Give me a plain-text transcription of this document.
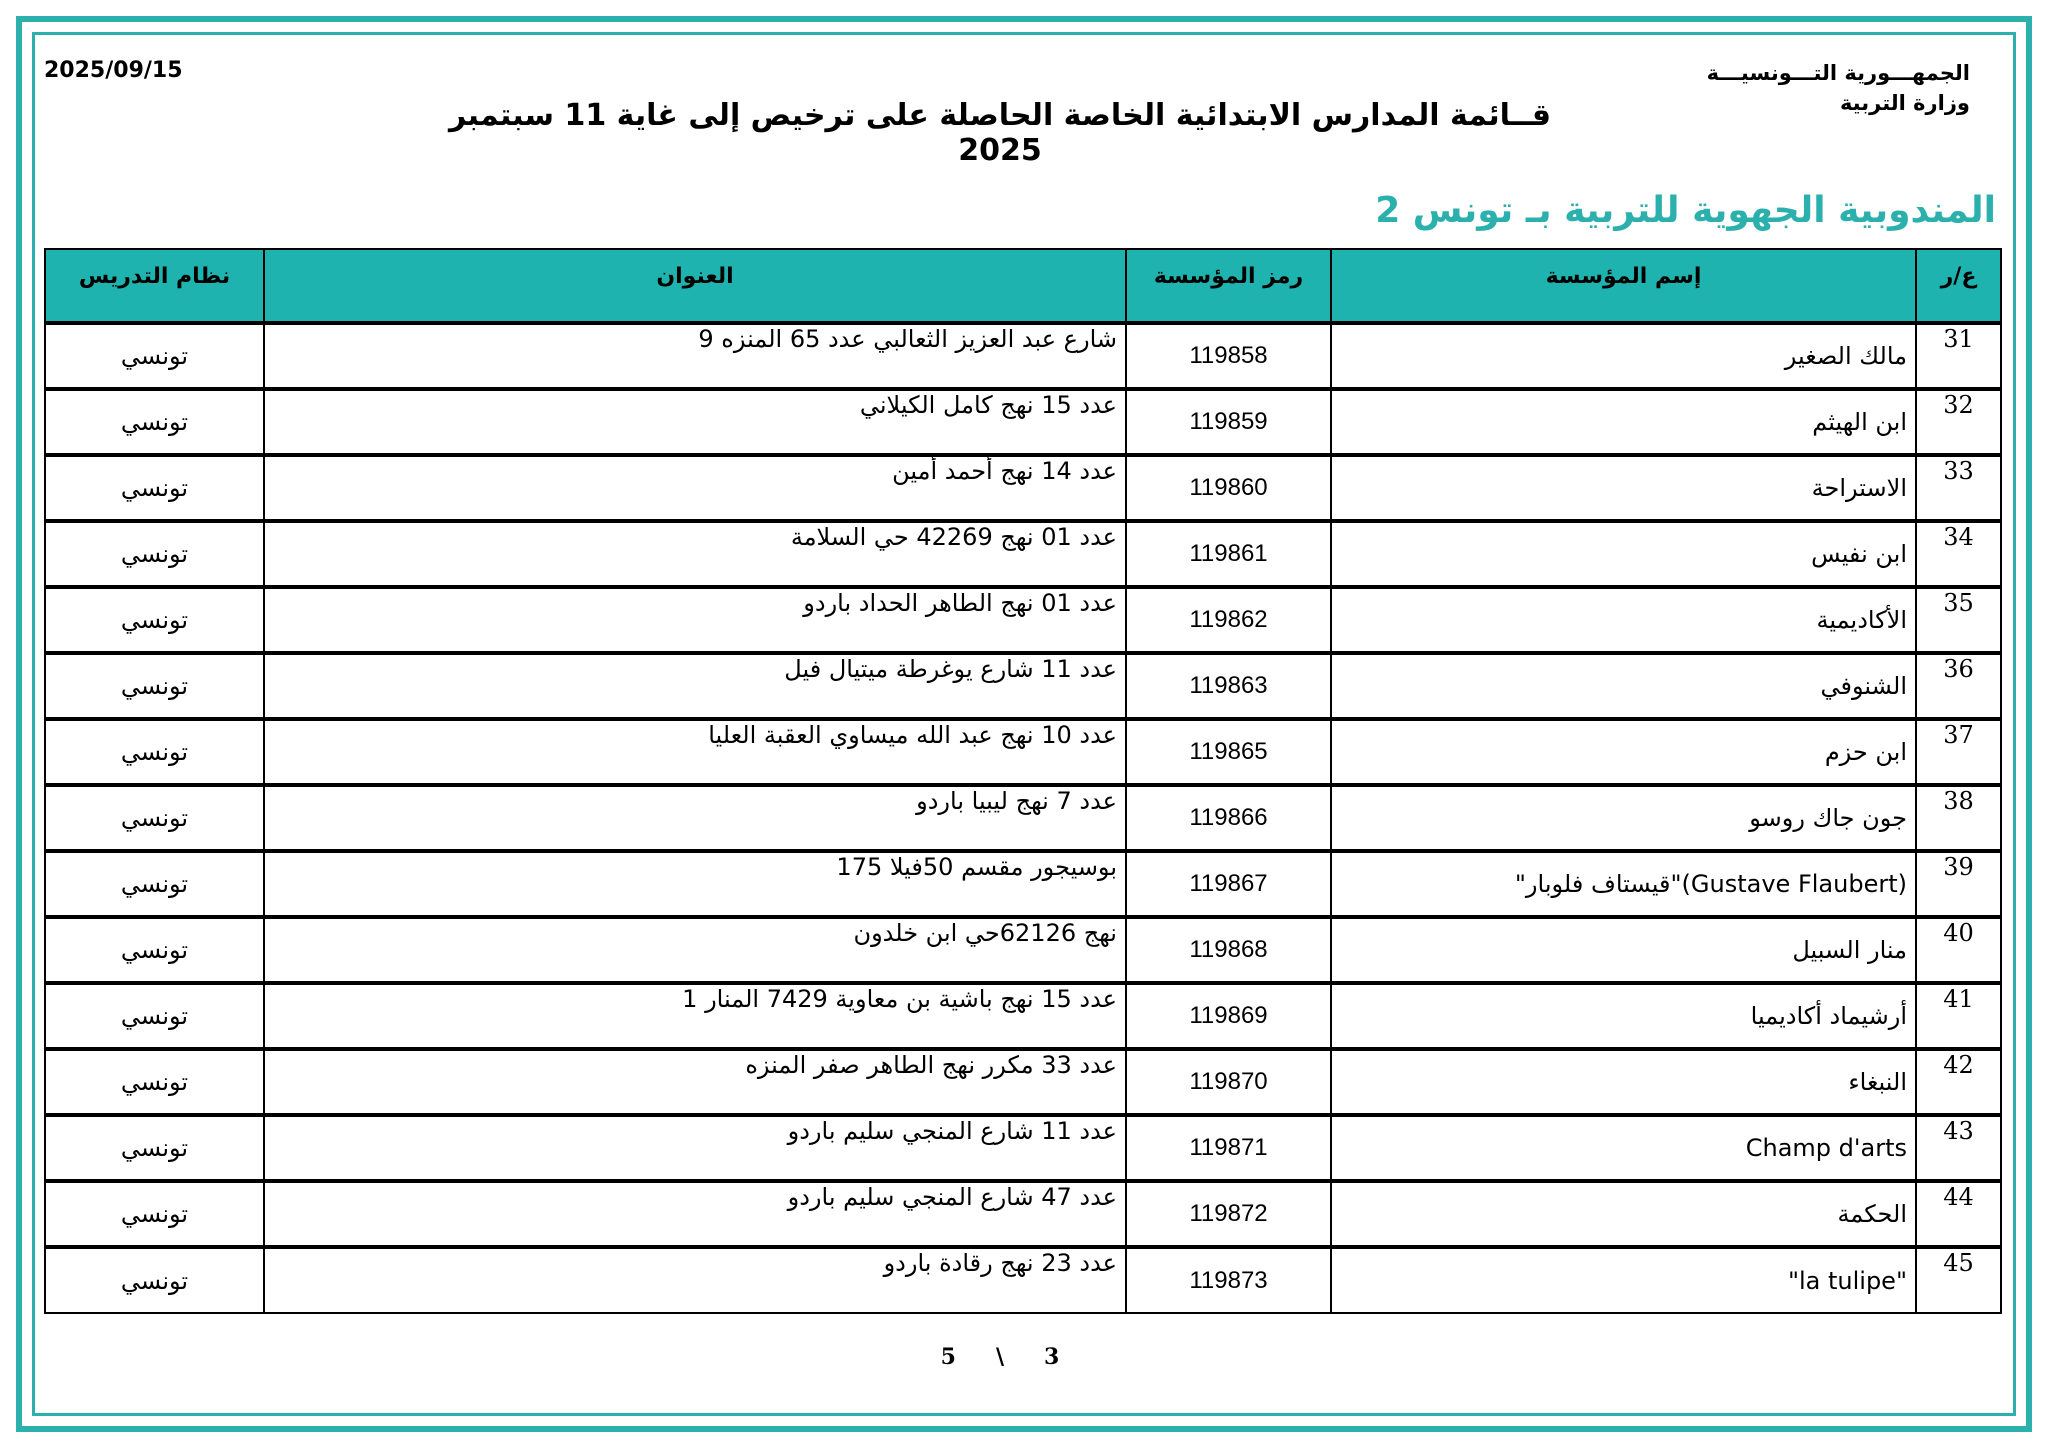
2025/09/15	الجمهـــورية التـــونسيـــة
وزارة التربية
قــائمة المدارس الابتدائية الخاصة الحاصلة على ترخيص إلى غاية 11 سبتمبر 2025
المندوبية الجهوية للتربية بـ تونس 2
ع/ر	إسم المؤسسة	رمز المؤسسة	العنوان	نظام التدريس
31	مالك الصغير	119858	شارع عبد العزيز الثعالبي عدد 65 المنزه 9	تونسي
32	ابن الهيثم	119859	عدد 15 نهج كامل الكيلاني	تونسي
33	الاستراحة	119860	عدد 14 نهج أحمد أمين	تونسي
34	ابن نفيس	119861	عدد 01 نهج 42269 حي السلامة	تونسي
35	الأكاديمية	119862	عدد 01 نهج الطاهر الحداد باردو	تونسي
36	الشنوفي	119863	عدد 11 شارع يوغرطة ميتيال فيل	تونسي
37	ابن حزم	119865	عدد 10 نهج عبد الله ميساوي العقبة العليا	تونسي
38	جون جاك روسو	119866	عدد 7 نهج ليبيا باردو	تونسي
39	(Gustave Flaubert)"قيستاف فلوبار"	119867	بوسيجور مقسم 50فيلا 175	تونسي
40	منار السبيل	119868	نهج 62126حي ابن خلدون	تونسي
41	أرشيماد أكاديميا	119869	عدد 15 نهج باشية بن معاوية 7429 المنار 1	تونسي
42	النبغاء	119870	عدد 33 مكرر نهج الطاهر صفر المنزه	تونسي
43	Champ d'arts	119871	عدد 11 شارع المنجي سليم باردو	تونسي
44	الحكمة	119872	عدد 47 شارع المنجي سليم باردو	تونسي
45	"la tulipe"	119873	عدد 23 نهج رقادة باردو	تونسي
3
\
5
